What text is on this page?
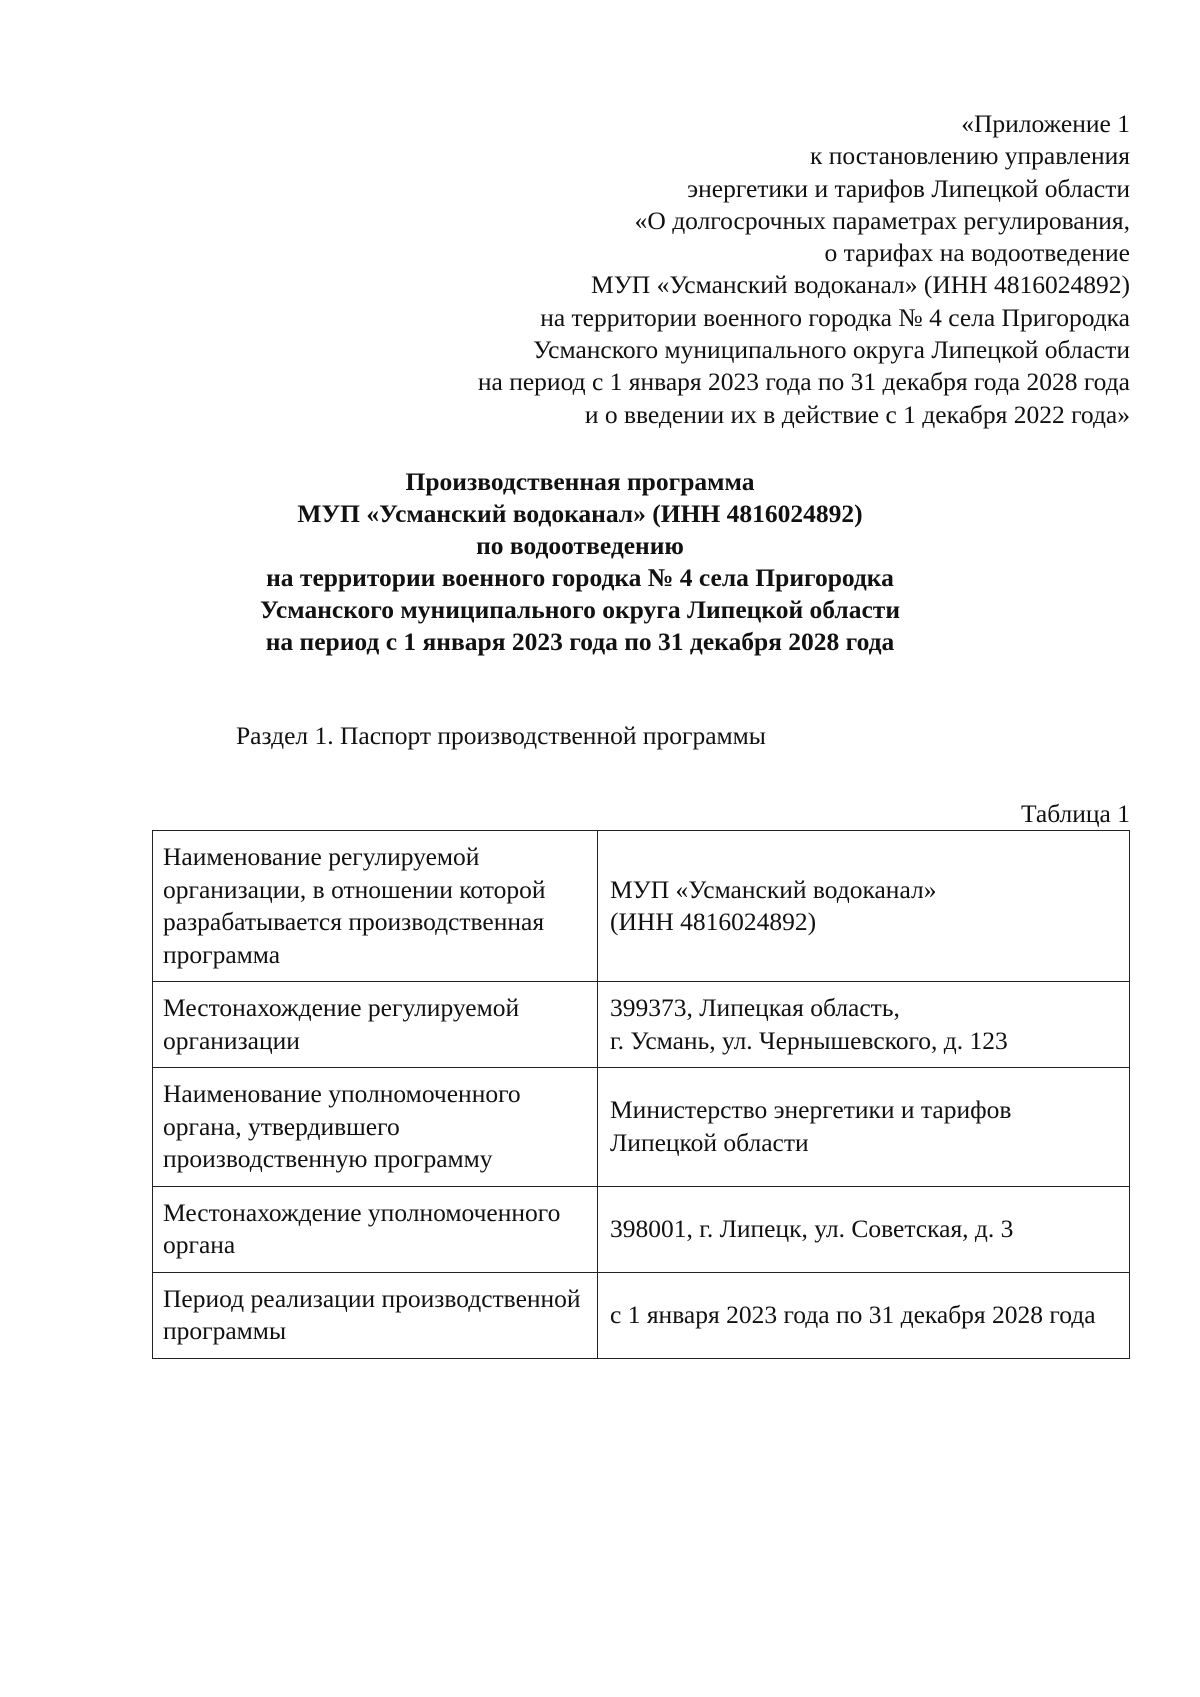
«Приложение 1
к постановлению управления
энергетики и тарифов Липецкой области
«О долгосрочных параметрах регулирования,
о тарифах на водоотведение
МУП «Усманский водоканал» (ИНН 4816024892)
на территории военного городка № 4 села Пригородка
Усманского муниципального округа Липецкой области
на период с 1 января 2023 года по 31 декабря года 2028 года
и о введении их в действие с 1 декабря 2022 года»
Производственная программа
МУП «Усманский водоканал» (ИНН 4816024892)
по водоотведению
на территории военного городка № 4 села Пригородка
Усманского муниципального округа Липецкой области
на период с 1 января 2023 года по 31 декабря 2028 года
Раздел 1. Паспорт производственной программы
Таблица 1
Наименование регулируемой организации, в отношении которой разрабатывается производственная программа	МУП «Усманский водоканал»
(ИНН 4816024892)

Местонахождение регулируемой организации	399373, Липецкая область,
г. Усмань, ул. Чернышевского, д. 123

Наименование уполномоченного органа, утвердившего производственную программу	Министерство энергетики и тарифов
Липецкой области

Местонахождение уполномоченного органа	398001, г. Липецк, ул. Советская, д. 3

Период реализации производственной программы	с 1 января 2023 года по 31 декабря 2028 года
